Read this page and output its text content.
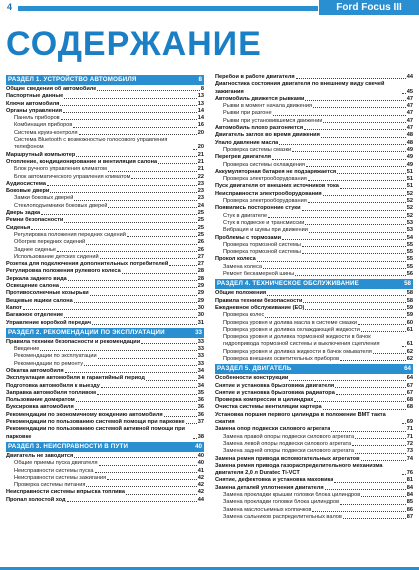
4	Ford Focus III
СОДЕРЖАНИЕ
РАЗДЕЛ 1. УСТРОЙСТВО АВТОМОБИЛЯ	8
Общие сведения об автомобиле	8
Паспортные данные	13
Ключи автомобиля	13
Органы управления	14
Панель приборов	14
Комбинация приборов	16
Система круиз-контроля	20
Система Bluetooth с возможностью голосового управления телефоном	20
Маршрутный компьютер	21
Отопление, кондиционирование и вентиляция салона	21
Блок ручного управления климатом	21
Блок автоматического управления климатом	22
Аудиосистема	23
Боковые двери	23
Замки боковых дверей	23
Стеклоподъемники боковых дверей	24
Дверь задка	25
Ремни безопасности	25
Сиденья	25
Регулировка положения передних сидений	25
Обогрев передних сидений	26
Заднее сиденье	26
Использование детских сидений	27
Розетка для подключения дополнительных потребителей	27
Регулировка положения рулевого колеса	28
Зеркала заднего вида	28
Освещение салона	29
Противосолнечные козырьки	29
Вещевые ящики салона	29
Капот	30
Багажное отделение	30
Управление коробкой передач	31
РАЗДЕЛ 2. РЕКОМЕНДАЦИИ ПО ЭКСПЛУАТАЦИИ	33
Правила техники безопасности и рекомендации	33
Введение	33
Рекомендации по эксплуатации	33
Рекомендации по ремонту	33
Обкатка автомобиля	34
Эксплуатация автомобиля в гарантийный период	34
Подготовка автомобиля к выезду	34
Заправка автомобиля топливом	35
Пользование домкратом	36
Буксировка автомобиля	36
Рекомендации по экономичному вождению автомобиля	36
Рекомендации по пользованию системой помощи при парковке 37
Рекомендации по пользованию системой активной помощи при парковке	38
РАЗДЕЛ 3. НЕИСПРАВНОСТИ В ПУТИ	40
Двигатель не заводится	40
Общие приемы пуска двигателя	40
Неисправности системы пуска	41
Неисправности системы зажигания	42
Проверка системы питания	42
Неисправности системы впрыска топлива	42
Пропал холостой ход	44
Перебои в работе двигателя	44
Диагностика состояния двигателя по внешнему виду свечей зажигания	45
Автомобиль движется рывками	47
Рывки в момент начала движения	47
Рывки при разгоне	47
Рывки при установившемся движении	47
Автомобиль плохо разгоняется	47
Двигатель заглох во время движения	48
Упало давление масла	48
Проверка системы смазки	49
Перегрев двигателя	49
Проверка системы охлаждения	49
Аккумуляторная батарея не подзаряжается	51
Проверка электрооборудования	51
Пуск двигателя от внешних источников тока	51
Неисправности электрооборудования	52
Проверка электрооборудования	52
Появились посторонние стуки	52
Стук в двигателе	52
Стук в подвеске и трансмиссии	53
Вибрация и шумы при движении	53
Проблемы с тормозами	54
Проверка тормозной системы	55
Проверка тормозной системы	55
Прокол колеса	55
Замена колеса	55
Ремонт бескамерной шины	56
РАЗДЕЛ 4. ТЕХНИЧЕСКОЕ ОБСЛУЖИВАНИЕ	58
Общие положения	58
Правила техники безопасности	58
Ежедневное обслуживание (ЕО)	59
Проверка колес	59
Проверка уровня и долива масла в системе смазки	60
Проверка уровня и доливка охлаждающей жидкости	61
Проверка уровня и доливка тормозной жидкости в бачок гидропривода тормозной системы и выключения сцепления	61
Проверка уровня и доливка жидкости в бачок омывателя	62
Проверка внешних осветительных приборов	62
РАЗДЕЛ 5. ДВИГАТЕЛЬ	64
Особенности конструкции	64
Снятие и установка брызговика двигателя	67
Снятие и установка брызговика радиатора	67
Проверка компрессии в цилиндрах	68
Очистка системы вентиляции картера	68
Установка поршня первого цилиндра в положение ВМТ такта сжатия	69
Замена опор подвески силового агрегата	71
Замена правой опоры подвески силового агрегата	71
Замена левой опоры подвески силового агрегата	72
Замена задней опоры подвески силового агрегата	73
Замена ремня привода вспомогательных агрегатов	74
Замена ремня привода газораспределительного механизма двигателя 2,0 л Duratec Ti-VCT	76
Снятие, дефектовка и установка маховика	81
Замена деталей уплотнения двигателя	84
Замена прокладки крышки головки блока цилиндров	84
Замена прокладки головки блока цилиндров	85
Замена маслосъемных колпачков	86
Замена сальников распределительных валов	87
